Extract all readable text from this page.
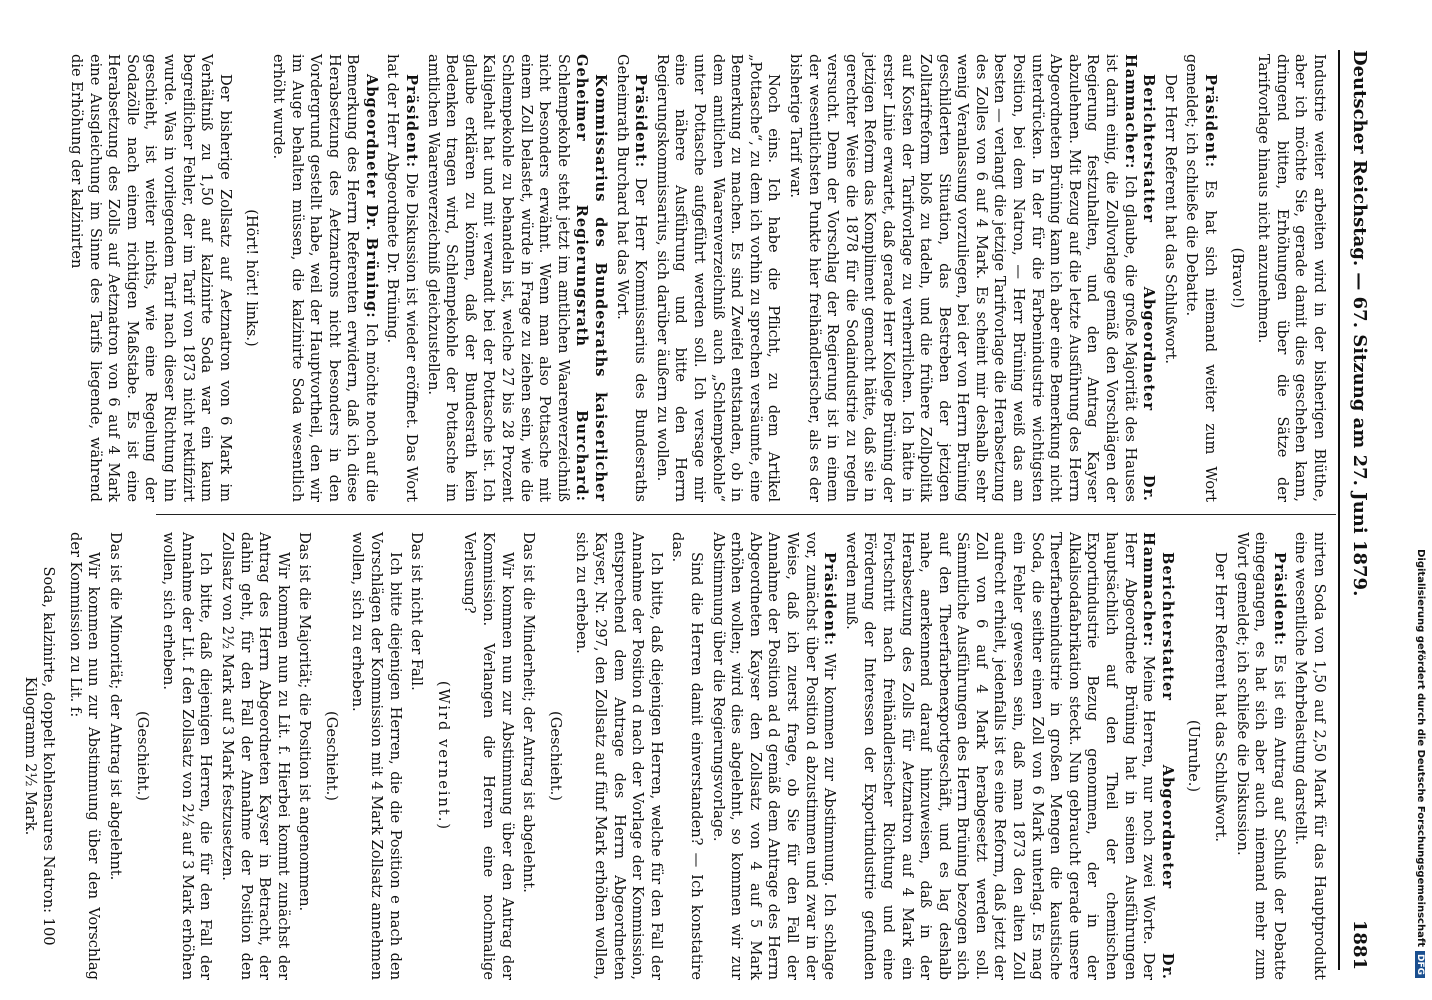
Deutscher Reichstag. — 67. Sitzung am 27. Juni 1879.
1881

Industrie weiter arbeiten wird in der bisherigen Blüthe, aber ich möchte Sie, gerade damit dies geschehen kann, dringend bitten, Erhöhungen über die Sätze der Tarifvorlage hinaus nicht anzunehmen.

(Bravo!)

Präsident: Es hat sich niemand weiter zum Wort gemeldet; ich schließe die Debatte.

Der Herr Referent hat das Schlußwort.

Berichterstatter Abgeordneter Dr. Hammacher: Ich glaube, die große Majorität des Hauses ist darin einig, die Zollvorlage gemäß den Vorschlägen der Regierung festzuhalten, und den Antrag Kayser abzulehnen. Mit Bezug auf die letzte Ausführung des Herrn Abgeordneten Brüning kann ich aber eine Bemerkung nicht unterdrücken. In der für die Farbenindustrie wichtigsten Position, bei dem Natron, — Herr Brüning weiß das am besten — verlangt die jetzige Tarifvorlage die Herabsetzung des Zolles von 6 auf 4 Mark. Es scheint mir deshalb sehr wenig Veranlassung vorzuliegen, bei der von Herrn Brüning geschilderten Situation, das Bestreben der jetzigen Zolltarifreform bloß zu tadeln, und die frühere Zollpolitik auf Kosten der Tarifvorlage zu verherrlichen. Ich hätte in erster Linie erwartet, daß gerade Herr Kollege Brüning der jetzigen Reform das Kompliment gemacht hätte, daß sie in gerechter Weise die 1878 für die Sodaindustrie zu regeln versucht. Denn der Vorschlag der Regierung ist in einem der wesentlichsten Punkte hier freihändlerischer, als es der bisherige Tarif war.

Noch eins. Ich habe die Pflicht, zu dem Artikel „Pottasche“, zu dem ich vorhin zu sprechen versäumte, eine Bemerkung zu machen. Es sind Zweifel entstanden, ob in dem amtlichen Waarenverzeichniß auch „Schlempekohle“ unter Pottasche aufgeführt werden soll. Ich versage mir eine nähere Ausführung und bitte den Herrn Regierungskommissarius, sich darüber äußern zu wollen.

Präsident: Der Herr Kommissarius des Bundesraths Geheimrath Burchard hat das Wort.

Kommissarius des Bundesraths kaiserlicher Geheimer Regierungsrath Burchard: Schlempekohle steht jetzt im amtlichen Waarenverzeichniß nicht besonders erwähnt. Wenn man also Pottasche mit einem Zoll belastet, würde in Frage zu ziehen sein, wie die Schlempekohle zu behandeln ist, welche 27 bis 28 Prozent Kaligehalt hat und mit verwandt bei der Pottasche ist. Ich glaube erklären zu können, daß der Bundesrath kein Bedenken tragen wird, Schlempekohle der Pottasche im amtlichen Waarenverzeichniß gleichzustellen.

Präsident: Die Diskussion ist wieder eröffnet. Das Wort hat der Herr Abgeordnete Dr. Brüning.

Abgeordneter Dr. Brüning: Ich möchte noch auf die Bemerkung des Herrn Referenten erwidern, daß ich diese Herabsetzung des Aetznatrons nicht besonders in den Vordergrund gestellt habe, weil der Hauptvortheil, den wir im Auge behalten müssen, die kalzinirte Soda wesentlich erhöht wurde.

(Hört! hört! links.)

Der bisherige Zollsatz auf Aetznatron von 6 Mark im Verhältniß zu 1,50 auf kalzinirte Soda war ein kaum begreiflicher Fehler, der im Tarif von 1873 nicht rektifizirt wurde. Was in vorliegendem Tarif nach dieser Richtung hin geschieht, ist weiter nichts, wie eine Regelung der Sodazölle nach einem richtigen Maßstabe. Es ist eine Herabsetzung des Zolls auf Aetznatron von 6 auf 4 Mark eine Ausgleichung im Sinne des Tarifs liegende, während die Erhöhung der kalzinirten

nirten Soda von 1,50 auf 2,50 Mark für das Hauptprodukt eine wesentliche Mehrbelastung darstellt.

Präsident: Es ist ein Antrag auf Schluß der Debatte eingegangen, es hat sich aber auch niemand mehr zum Wort gemeldet; ich schließe die Diskussion.

Der Herr Referent hat das Schlußwort.

(Unruhe.)

Berichterstatter Abgeordneter Dr. Hammacher: Meine Herren, nur noch zwei Worte. Der Herr Abgeordnete Brüning hat in seinen Ausführungen hauptsächlich auf den Theil der chemischen Exportindustrie Bezug genommen, der in der Alkalisodafabrikation steckt. Nun gebraucht gerade unsere Theerfarbenindustrie in großen Mengen die kaustische Soda, die seither einen Zoll von 6 Mark unterlag. Es mag ein Fehler gewesen sein, daß man 1873 den alten Zoll aufrecht erhielt, jedenfalls ist es eine Reform, daß jetzt der Zoll von 6 auf 4 Mark herabgesetzt werden soll. Sämmtliche Ausführungen des Herrn Brüning bezogen sich auf den Theerfarbenexportgeschäft, und es lag deshalb nahe, anerkennend darauf hinzuweisen, daß in der Herabsetzung des Zolls für Aetznatron auf 4 Mark ein Fortschritt nach freihändlerischer Richtung und eine Förderung der Interessen der Exportindustrie gefunden werden muß.

Präsident: Wir kommen zur Abstimmung. Ich schlage vor, zunächst über Position d abzustimmen und zwar in der Weise, daß ich zuerst frage, ob Sie für den Fall der Annahme der Position ad d gemäß dem Antrage des Herrn Abgeordneten Kayser den Zollsatz von 4 auf 5 Mark erhöhen wollen; wird dies abgelehnt, so kommen wir zur Abstimmung über die Regierungsvorlage.

Sind die Herren damit einverstanden? — Ich konstatire das.

Ich bitte, daß diejenigen Herren, welche für den Fall der Annahme der Position d nach der Vorlage der Kommission, entsprechend dem Antrage des Herrn Abgeordneten Kayser, Nr. 297, den Zollsatz auf fünf Mark erhöhen wollen, sich zu erheben.

(Geschieht.)

Das ist die Minderheit; der Antrag ist abgelehnt.

Wir kommen nun zur Abstimmung über den Antrag der Kommission. Verlangen die Herren eine nochmalige Verlesung?

(Wird verneint.)

Das ist nicht der Fall.

Ich bitte diejenigen Herren, die die Position e nach den Vorschlägen der Kommission mit 4 Mark Zollsatz annehmen wollen, sich zu erheben.

(Geschieht.)

Das ist die Majorität; die Position ist angenommen.

Wir kommen nun zu Lit. f. Hierbei kommt zunächst der Antrag des Herrn Abgeordneten Kayser in Betracht, der dahin geht, für den Fall der Annahme der Position den Zollsatz von 2½ Mark auf 3 Mark festzusetzen.

Ich bitte, daß diejenigen Herren, die für den Fall der Annahme der Lit. f den Zollsatz von 2½ auf 3 Mark erhöhen wollen, sich erheben.

(Geschieht.)

Das ist die Minorität; der Antrag ist abgelehnt.

Wir kommen nun zur Abstimmung über den Vorschlag der Kommission zu Lit. f:

Soda, kalzinirte, doppelt kohlensaures Natron: 100 Kilogramm 2½ Mark.	Digitalisierung gefördert durch die Deutsche ForschungsgemeinschaftDFG
